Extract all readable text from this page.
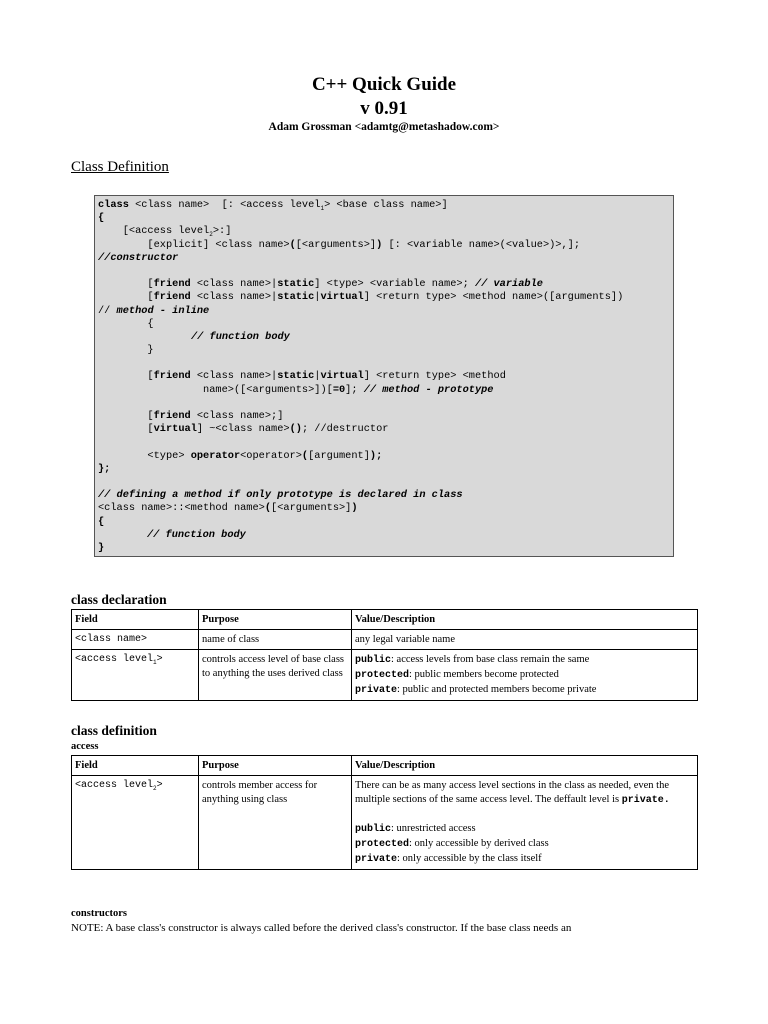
C++ Quick Guide
v 0.91
Adam Grossman <adamtg@metashadow.com>
Class Definition
class <class name>  [: <access level$_1$> <base class name>]
{
[<access level$_2$>:]
[explicit] <class name>([<arguments>]) [: <variable name>(<value>)>,];
//constructor
[friend <class name>|static] <type> <variable name>; // variable
[friend <class name>|static|virtual] <return type> <method name>([arguments])
// method - inline
{
// function body
}
[friend <class name>|static|virtual] <return type> <method
name>([<arguments>])[=0]; // method - prototype
[friend <class name>;]
[virtual] ~<class name>(); //destructor
<type> operator<operator>([argument]);
};
// defining a method if only prototype is declared in class
<class name>::<method name>([<arguments>])
{
// function body
}
class declaration
Field	Purpose	Value/Description
<class name>	name of class	any legal variable name
<access level$_1$>	controls access level of base class to anything the uses derived class	public: access levels from base class remain the same
protected: public members become protected
private: public and protected members become private
class definition
access
Field	Purpose	Value/Description
<access level$_2$>	controls member access for anything using class	There can be as many access level sections in the class as needed, even the multiple sections of the same access level. The deffault level is private.
public: unrestricted access
protected: only accessible by derived class
private: only accessible by the class itself
constructors
NOTE: A base class's constructor is always called before the derived class's constructor. If the base class needs an
